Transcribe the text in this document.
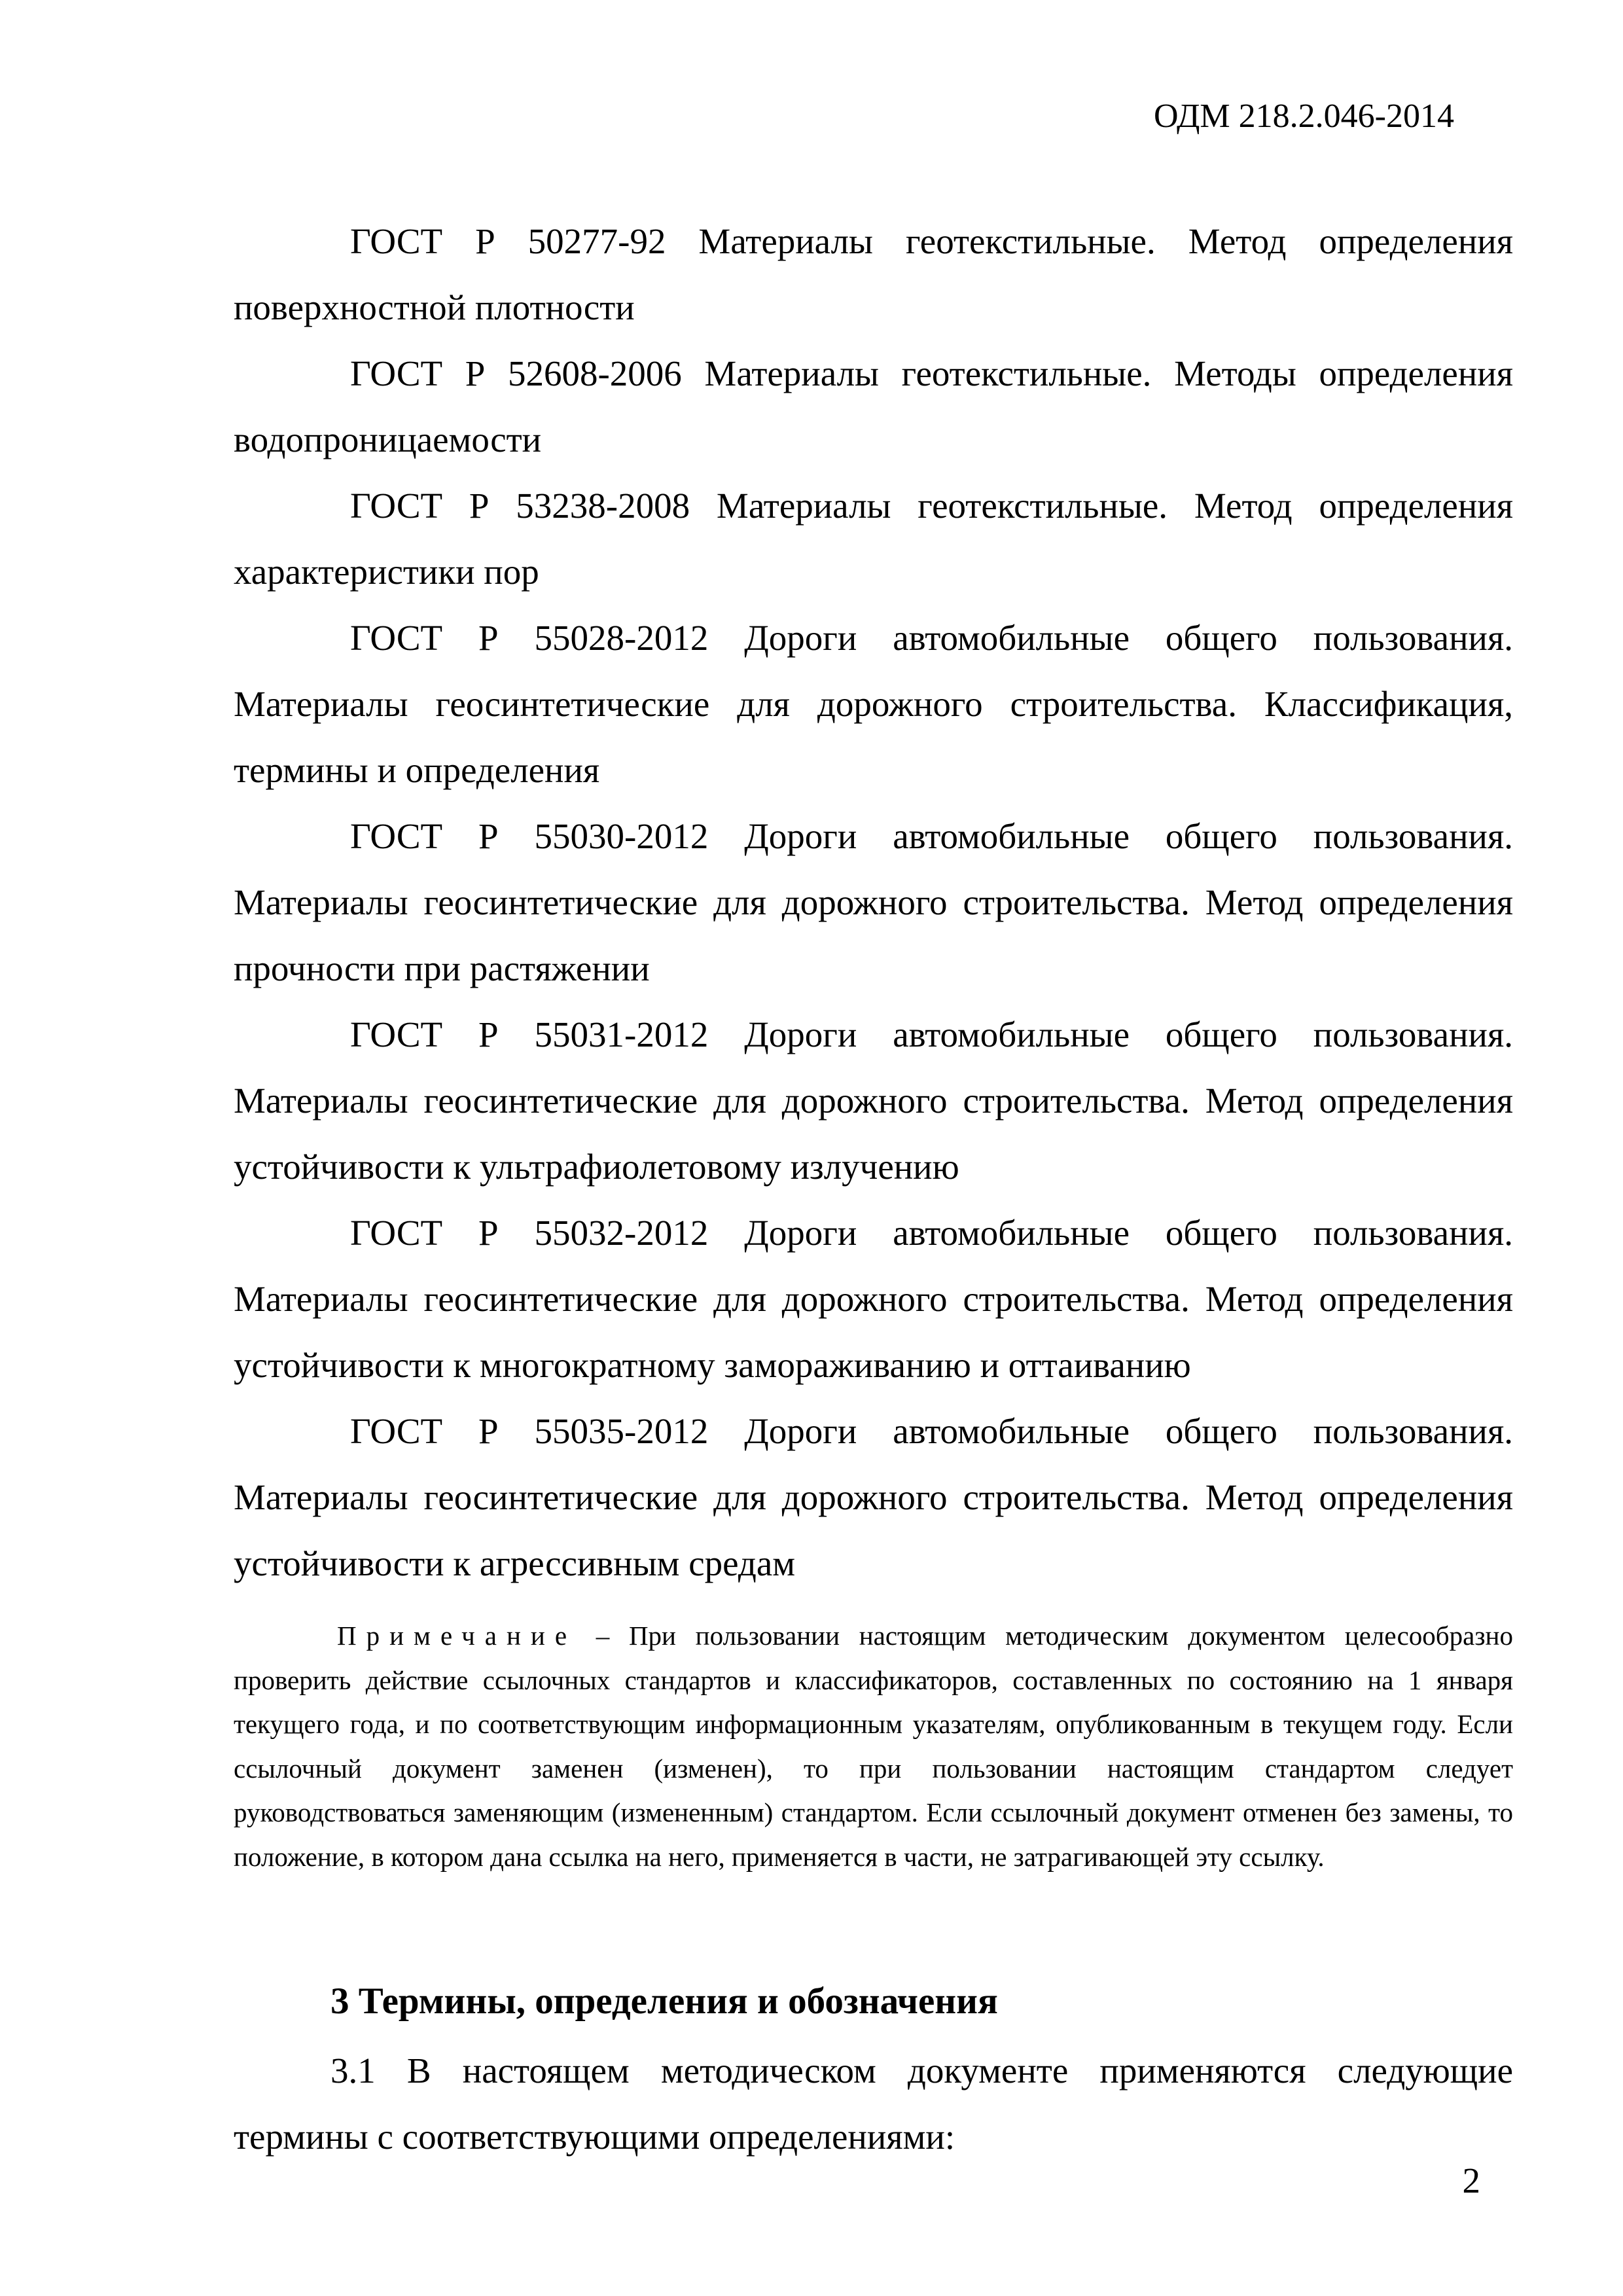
ОДМ 218.2.046-2014

ГОСТ Р 50277-92 Материалы геотекстильные. Метод определения поверхностной плотности

ГОСТ Р 52608-2006 Материалы геотекстильные. Методы определения водопроницаемости

ГОСТ Р 53238-2008 Материалы геотекстильные. Метод определения характеристики пор

ГОСТ Р 55028-2012 Дороги автомобильные общего пользования. Материалы геосинтетические для дорожного строительства. Классификация, термины и определения

ГОСТ Р 55030-2012 Дороги автомобильные общего пользования. Материалы геосинтетические для дорожного строительства. Метод определения прочности при растяжении

ГОСТ Р 55031-2012 Дороги автомобильные общего пользования. Материалы геосинтетические для дорожного строительства. Метод определения устойчивости к ультрафиолетовому излучению

ГОСТ Р 55032-2012 Дороги автомобильные общего пользования. Материалы геосинтетические для дорожного строительства. Метод определения устойчивости к многократному замораживанию и оттаиванию

ГОСТ Р 55035-2012 Дороги автомобильные общего пользования. Материалы геосинтетические для дорожного строительства. Метод определения устойчивости к агрессивным средам

Примечание – При пользовании настоящим методическим документом целесообразно проверить действие ссылочных стандартов и классификаторов, составленных по состоянию на 1 января текущего года, и по соответствующим информационным указателям, опубликованным в текущем году. Если ссылочный документ заменен (изменен), то при пользовании настоящим стандартом следует руководствоваться заменяющим (измененным) стандартом. Если ссылочный документ отменен без замены, то положение, в котором дана ссылка на него, применяется в части, не затрагивающей эту ссылку.

3 Термины, определения и обозначения

3.1 В настоящем методическом документе применяются следующие термины с соответствующими определениями:

2
